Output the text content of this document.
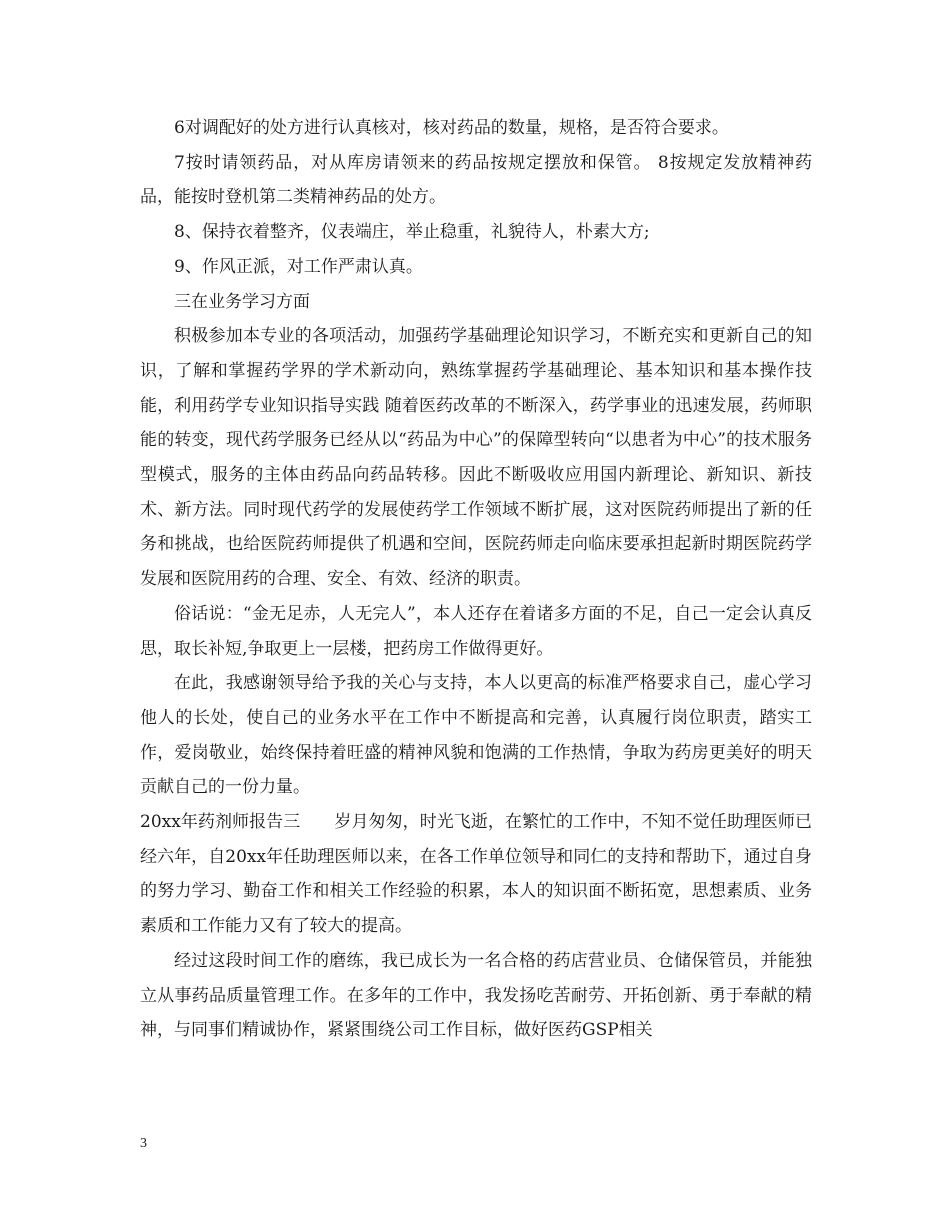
6对调配好的处方进行认真核对，核对药品的数量，规格，是否符合要求。

7按时请领药品，对从库房请领来的药品按规定摆放和保管。 8按规定发放精神药品，能按时登机第二类精神药品的处方。

8、保持衣着整齐，仪表端庄，举止稳重，礼貌待人，朴素大方;

9、作风正派，对工作严肃认真。

三在业务学习方面

积极参加本专业的各项活动，加强药学基础理论知识学习，不断充实和更新自己的知识，了解和掌握药学界的学术新动向，熟练掌握药学基础理论、基本知识和基本操作技能，利用药学专业知识指导实践 随着医药改革的不断深入，药学事业的迅速发展，药师职能的转变，现代药学服务已经从以“药品为中心”的保障型转向“以患者为中心”的技术服务型模式，服务的主体由药品向药品转移。因此不断吸收应用国内新理论、新知识、新技术、新方法。同时现代药学的发展使药学工作领域不断扩展，这对医院药师提出了新的任务和挑战，也给医院药师提供了机遇和空间，医院药师走向临床要承担起新时期医院药学发展和医院用药的合理、安全、有效、经济的职责。

俗话说：“金无足赤，人无完人”，本人还存在着诸多方面的不足，自己一定会认真反思，取长补短,争取更上一层楼，把药房工作做得更好。

在此，我感谢领导给予我的关心与支持，本人以更高的标准严格要求自己，虚心学习他人的长处，使自己的业务水平在工作中不断提高和完善，认真履行岗位职责，踏实工作，爱岗敬业，始终保持着旺盛的精神风貌和饱满的工作热情，争取为药房更美好的明天贡献自己的一份力量。

20xx年药剂师报告三　　岁月匆匆，时光飞逝，在繁忙的工作中，不知不觉任助理医师已经六年，自20xx年任助理医师以来，在各工作单位领导和同仁的支持和帮助下，通过自身的努力学习、勤奋工作和相关工作经验的积累，本人的知识面不断拓宽，思想素质、业务素质和工作能力又有了较大的提高。

经过这段时间工作的磨练，我已成长为一名合格的药店营业员、仓储保管员，并能独立从事药品质量管理工作。在多年的工作中，我发扬吃苦耐劳、开拓创新、勇于奉献的精神，与同事们精诚协作，紧紧围绕公司工作目标，做好医药GSP相关

3
